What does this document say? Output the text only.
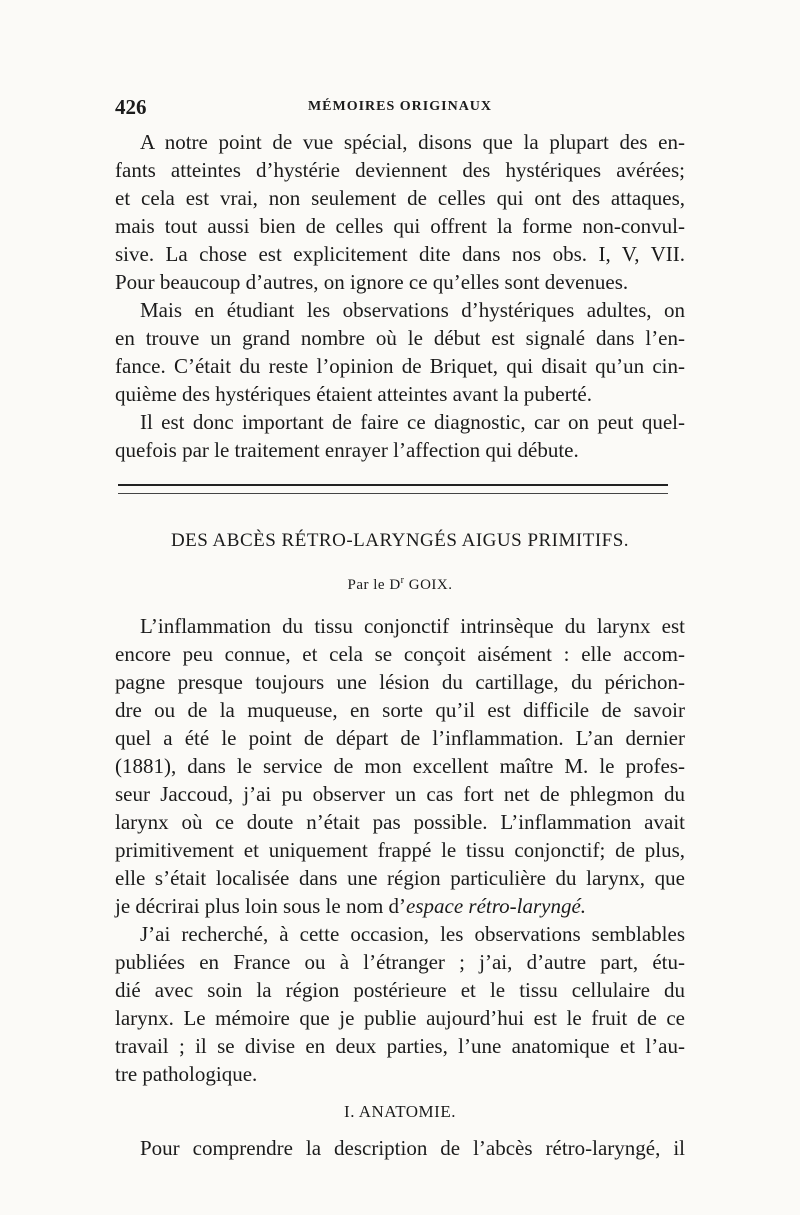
426	MÉMOIRES ORIGINAUX
A notre point de vue spécial, disons que la plupart des en-
fants atteintes d’hystérie deviennent des hystériques avérées;
et cela est vrai, non seulement de celles qui ont des attaques,
mais tout aussi bien de celles qui offrent la forme non-convul-
sive. La chose est explicitement dite dans nos obs. I, V, VII.
Pour beaucoup d’autres, on ignore ce qu’elles sont devenues.
Mais en étudiant les observations d’hystériques adultes, on
en trouve un grand nombre où le début est signalé dans l’en-
fance. C’était du reste l’opinion de Briquet, qui disait qu’un cin-
quième des hystériques étaient atteintes avant la puberté.
Il est donc important de faire ce diagnostic, car on peut quel-
quefois par le traitement enrayer l’affection qui débute.
DES ABCÈS RÉTRO-LARYNGÉS AIGUS PRIMITIFS.
Par le $D^r$ GOIX.
L’inflammation du tissu conjonctif intrinsèque du larynx est
encore peu connue, et cela se conçoit aisément : elle accom-
pagne presque toujours une lésion du cartillage, du périchon-
dre ou de la muqueuse, en sorte qu’il est difficile de savoir
quel a été le point de départ de l’inflammation. L’an dernier
(1881), dans le service de mon excellent maître M. le profes-
seur Jaccoud, j’ai pu observer un cas fort net de phlegmon du
larynx où ce doute n’était pas possible. L’inflammation avait
primitivement et uniquement frappé le tissu conjonctif; de plus,
elle s’était localisée dans une région particulière du larynx, que
je décrirai plus loin sous le nom d’espace rétro-laryngé.
J’ai recherché, à cette occasion, les observations semblables
publiées en France ou à l’étranger ; j’ai, d’autre part, étu-
dié avec soin la région postérieure et le tissu cellulaire du
larynx. Le mémoire que je publie aujourd’hui est le fruit de ce
travail ; il se divise en deux parties, l’une anatomique et l’au-
tre pathologique.
I. ANATOMIE.
Pour comprendre la description de l’abcès rétro-laryngé, il
